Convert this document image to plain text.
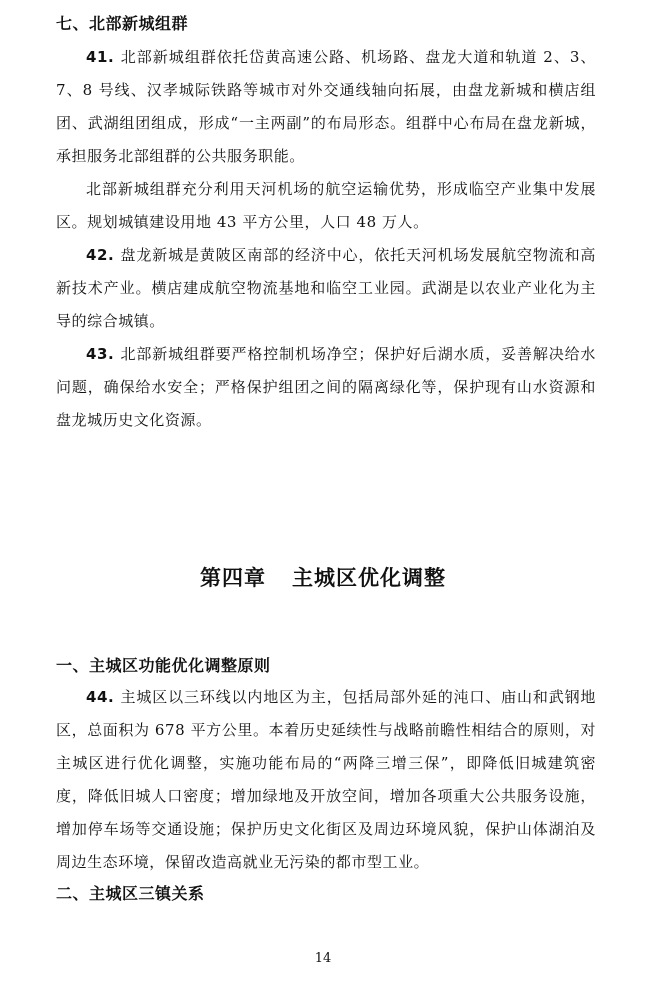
七、北部新城组群

41. 北部新城组群依托岱黄高速公路、机场路、盘龙大道和轨道 2、3、7、8 号线、汉孝城际铁路等城市对外交通线轴向拓展，由盘龙新城和横店组团、武湖组团组成，形成“一主两副”的布局形态。组群中心布局在盘龙新城，承担服务北部组群的公共服务职能。

北部新城组群充分利用天河机场的航空运输优势，形成临空产业集中发展区。规划城镇建设用地 43 平方公里，人口 48 万人。

42. 盘龙新城是黄陂区南部的经济中心，依托天河机场发展航空物流和高新技术产业。横店建成航空物流基地和临空工业园。武湖是以农业产业化为主导的综合城镇。

43. 北部新城组群要严格控制机场净空；保护好后湖水质，妥善解决给水问题，确保给水安全；严格保护组团之间的隔离绿化等，保护现有山水资源和盘龙城历史文化资源。

第四章 主城区优化调整
一、主城区功能优化调整原则

44. 主城区以三环线以内地区为主，包括局部外延的沌口、庙山和武钢地区，总面积为 678 平方公里。本着历史延续性与战略前瞻性相结合的原则，对主城区进行优化调整，实施功能布局的“两降三增三保”，即降低旧城建筑密度，降低旧城人口密度；增加绿地及开放空间，增加各项重大公共服务设施，增加停车场等交通设施；保护历史文化街区及周边环境风貌，保护山体湖泊及周边生态环境，保留改造高就业无污染的都市型工业。

二、主城区三镇关系
14
